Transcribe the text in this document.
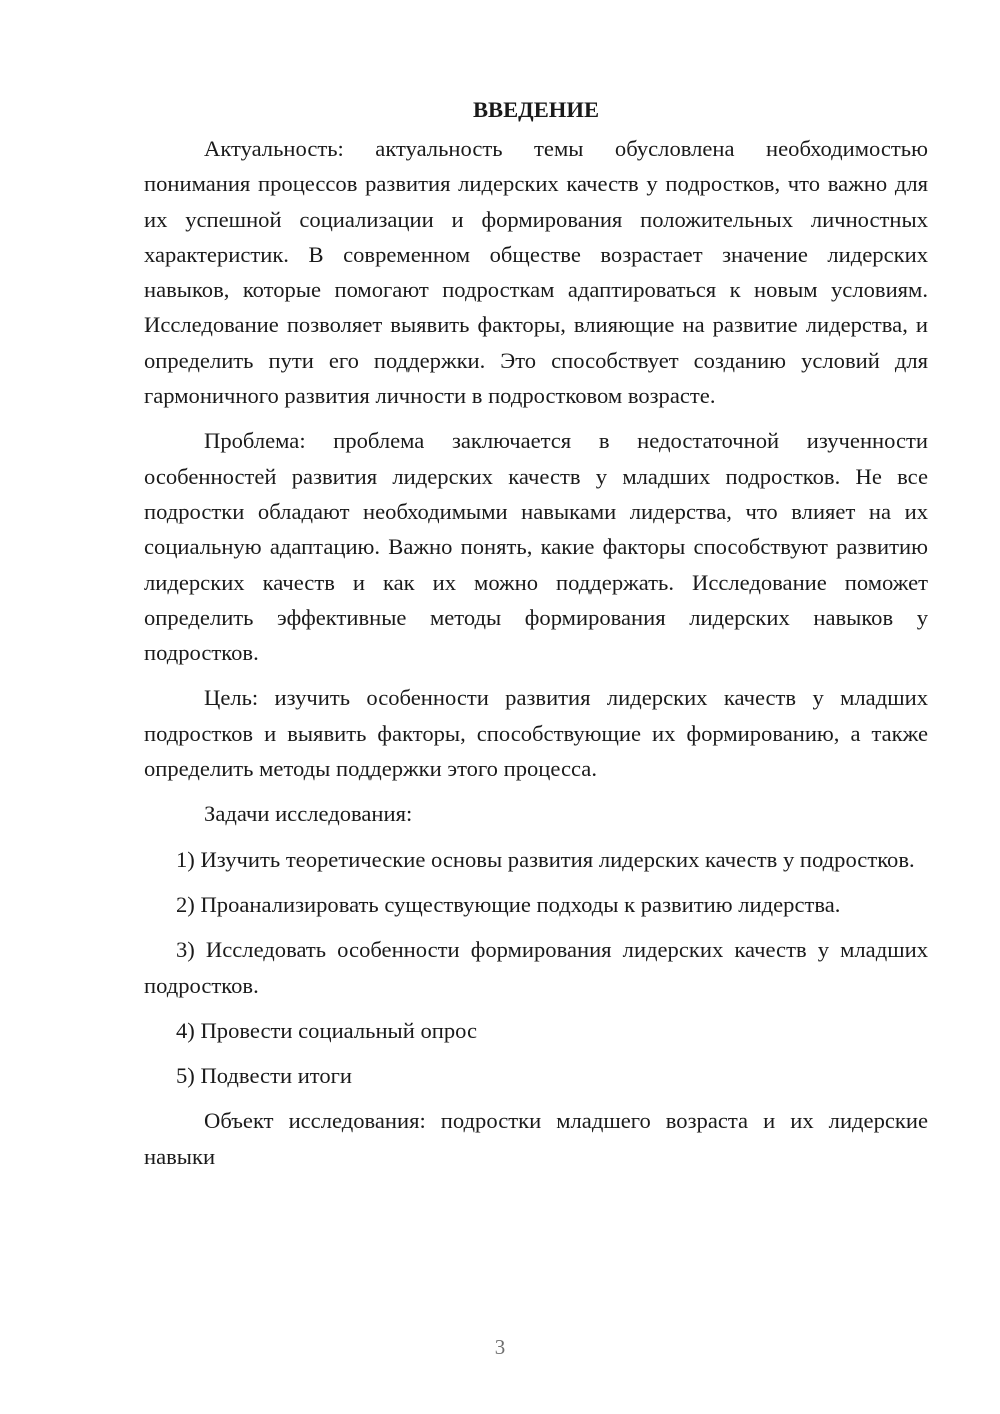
ВВЕДЕНИЕ

Актуальность: актуальность темы обусловлена необходимостью понимания процессов развития лидерских качеств у подростков, что важно для их успешной социализации и формирования положительных личностных характеристик. В современном обществе возрастает значение лидерских навыков, которые помогают подросткам адаптироваться к новым условиям. Исследование позволяет выявить факторы, влияющие на развитие лидерства, и определить пути его поддержки. Это способствует созданию условий для гармоничного развития личности в подростковом возрасте.

Проблема: проблема заключается в недостаточной изученности особенностей развития лидерских качеств у младших подростков. Не все подростки обладают необходимыми навыками лидерства, что влияет на их социальную адаптацию. Важно понять, какие факторы способствуют развитию лидерских качеств и как их можно поддержать. Исследование поможет определить эффективные методы формирования лидерских навыков у подростков.

Цель: изучить особенности развития лидерских качеств у младших подростков и выявить факторы, способствующие их формированию, а также определить методы поддержки этого процесса.

Задачи исследования:

1) Изучить теоретические основы развития лидерских качеств у подростков.

2) Проанализировать существующие подходы к развитию лидерства.

3) Исследовать особенности формирования лидерских качеств у младших подростков.

4) Провести социальный опрос

5) Подвести итоги

Объект исследования: подростки младшего возраста и их лидерские навыки

3
